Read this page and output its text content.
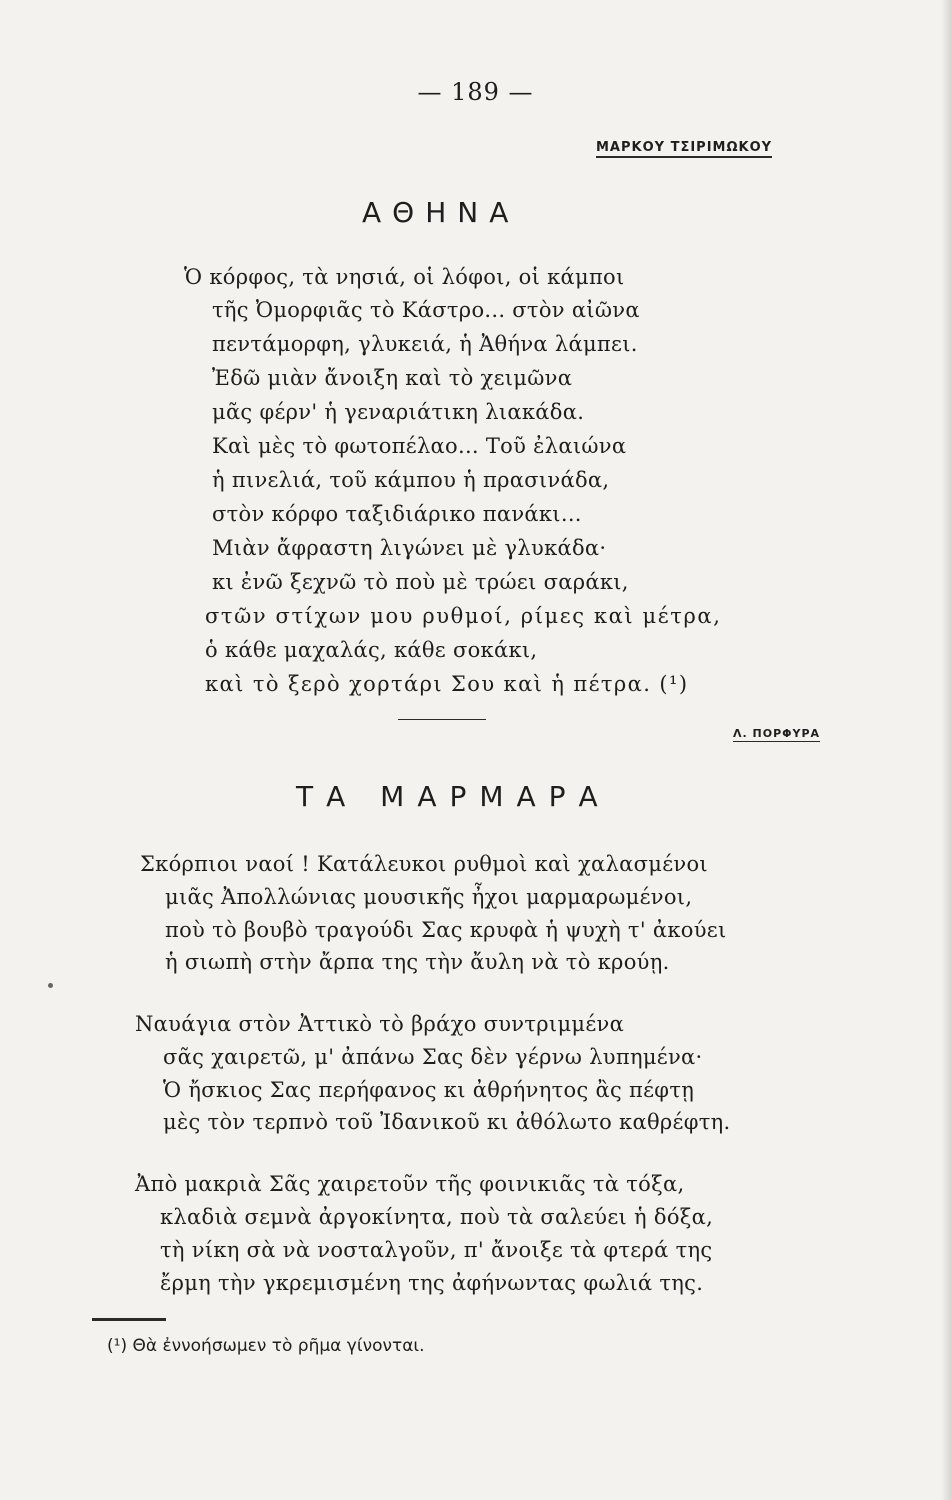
— 189 —
ΜΑΡΚΟΥ ΤΣΙΡΙΜΩΚΟΥ
ΑΘΗΝΑ
Ὁ κόρφος, τὰ νησιά, οἱ λόφοι, οἱ κάμποι
τῆς Ὀμορφιᾶς τὸ Κάστρο... στὸν αἰῶνα
πεντάμορφη, γλυκειά, ἡ Ἀθήνα λάμπει.
Ἐδῶ μιὰν ἄνοιξη καὶ τὸ χειμῶνα
μᾶς φέρν' ἡ γεναριάτικη λιακάδα.
Καὶ μὲς τὸ φωτοπέλαο... Τοῦ ἐλαιώνα
ἡ πινελιά, τοῦ κάμπου ἡ πρασινάδα,
στὸν κόρφο ταξιδιάρικο πανάκι...
Μιὰν ἄφραστη λιγώνει μὲ γλυκάδα·
κι ἐνῶ ξεχνῶ τὸ ποὺ μὲ τρώει σαράκι,
στῶν στίχων μου ρυθμοί, ρίμες καὶ μέτρα,
ὁ κάθε μαχαλάς, κάθε σοκάκι,
καὶ τὸ ξερὸ χορτάρι Σου καὶ ἡ πέτρα. (¹)
Λ. ΠΟΡΦΥΡΑ
ΤΑ ΜΑΡΜΑΡΑ
Σκόρπιοι ναοί ! Κατάλευκοι ρυθμοὶ καὶ χαλασμένοι
μιᾶς Ἀπολλώνιας μουσικῆς ἦχοι μαρμαρωμένοι,
ποὺ τὸ βουβὸ τραγούδι Σας κρυφὰ ἡ ψυχὴ τ' ἀκούει
ἡ σιωπὴ στὴν ἄρπα της τὴν ἄυλη νὰ τὸ κρούῃ.
Ναυάγια στὸν Ἀττικὸ τὸ βράχο συντριμμένα
σᾶς χαιρετῶ, μ' ἀπάνω Σας δὲν γέρνω λυπημένα·
Ὁ ἤσκιος Σας περήφανος κι ἀθρήνητος ἂς πέφτῃ
μὲς τὸν τερπνὸ τοῦ Ἰδανικοῦ κι ἀθόλωτο καθρέφτη.
Ἀπὸ μακριὰ Σᾶς χαιρετοῦν τῆς φοινικιᾶς τὰ τόξα,
κλαδιὰ σεμνὰ ἀργοκίνητα, ποὺ τὰ σαλεύει ἡ δόξα,
τὴ νίκη σὰ νὰ νοσταλγοῦν, π' ἄνοιξε τὰ φτερά της
ἔρμη τὴν γκρεμισμένη της ἀφήνωντας φωλιά της.
(¹) Θὰ ἐννοήσωμεν τὸ ρῆμα γίνονται.
